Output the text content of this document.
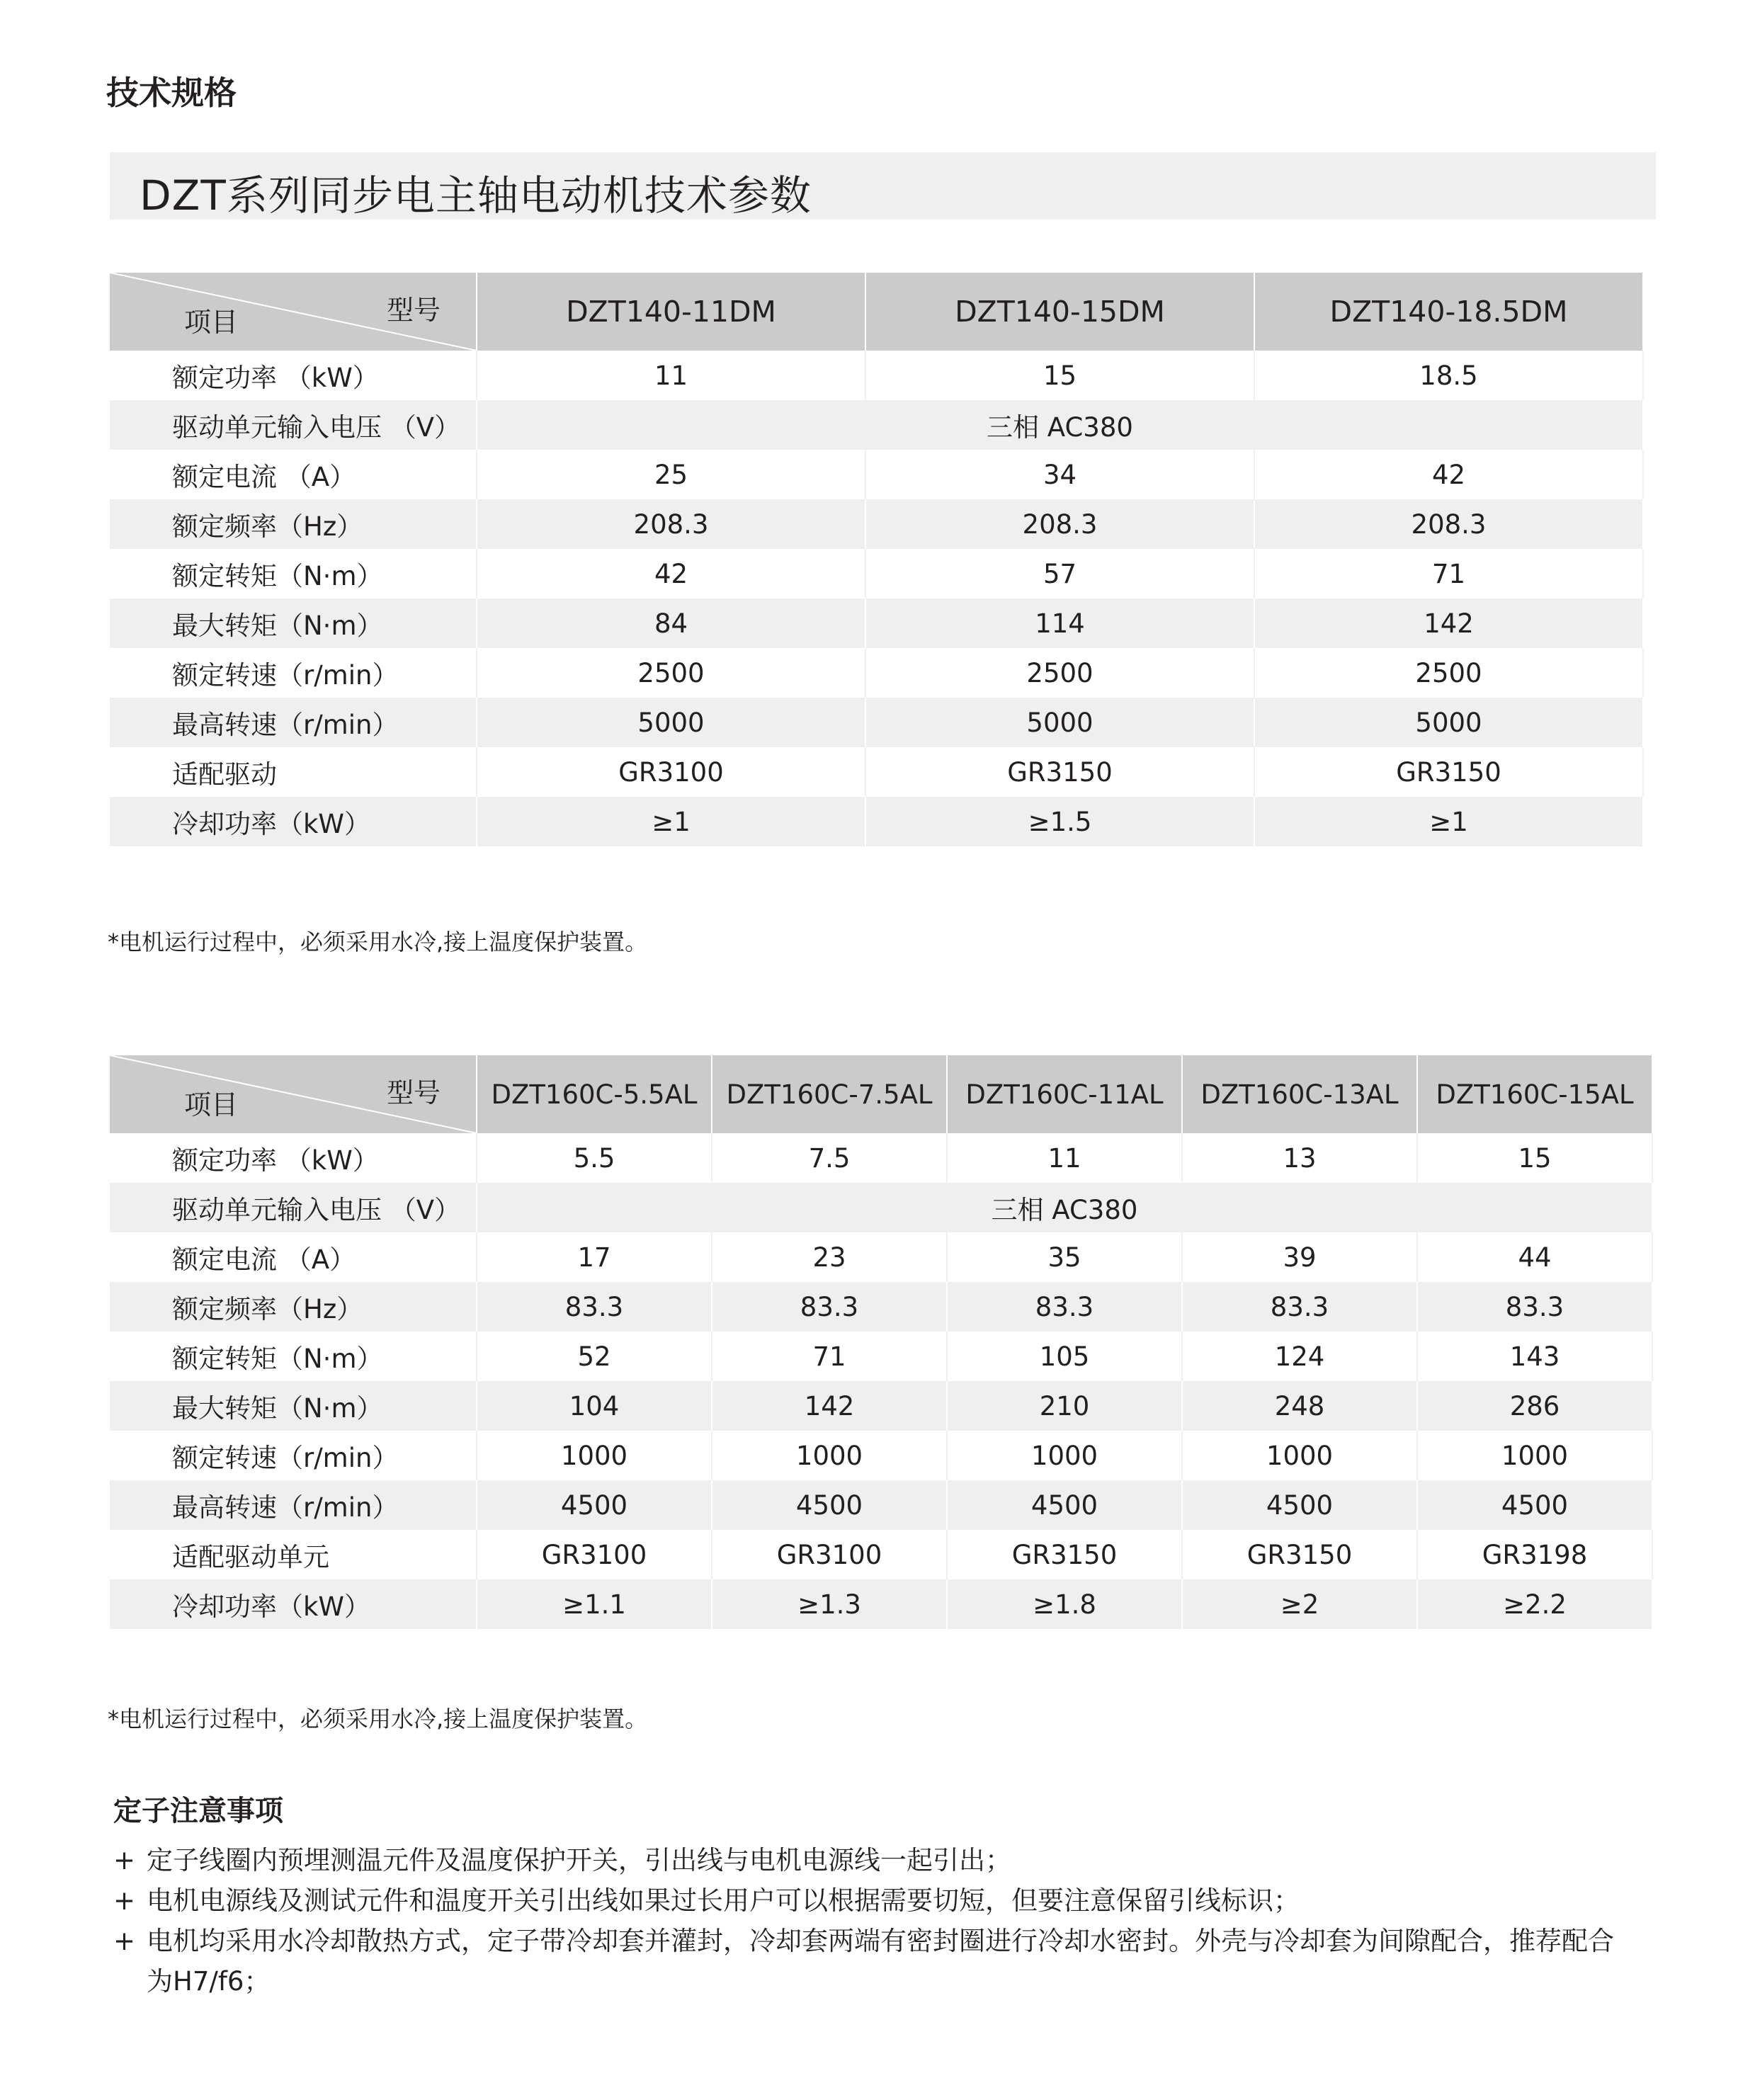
技术规格
DZT系列同步电主轴电动机技术参数
型号
项目	DZT140-11DM	DZT140-15DM	DZT140-18.5DM
额定功率 （kW）	11	15	18.5
驱动单元输入电压 （V）	三相 AC380		
额定电流 （A）	25	34	42
额定频率（Hz）	208.3	208.3	208.3
额定转矩（N·m）	42	57	71
最大转矩（N·m）	84	114	142
额定转速（r/min）	2500	2500	2500
最高转速（r/min）	5000	5000	5000
适配驱动	GR3100	GR3150	GR3150
冷却功率（kW）	≥1	≥1.5	≥1
*电机运行过程中，必须采用水冷,接上温度保护装置。
型号
项目	DZT160C-5.5AL	DZT160C-7.5AL	DZT160C-11AL	DZT160C-13AL	DZT160C-15AL
额定功率 （kW）	5.5	7.5	11	13	15
驱动单元输入电压 （V）	三相 AC380				
额定电流 （A）	17	23	35	39	44
额定频率（Hz）	83.3	83.3	83.3	83.3	83.3
额定转矩（N·m）	52	71	105	124	143
最大转矩（N·m）	104	142	210	248	286
额定转速（r/min）	1000	1000	1000	1000	1000
最高转速（r/min）	4500	4500	4500	4500	4500
适配驱动单元	GR3100	GR3100	GR3150	GR3150	GR3198
冷却功率（kW）	≥1.1	≥1.3	≥1.8	≥2	≥2.2
*电机运行过程中，必须采用水冷,接上温度保护装置。
定子注意事项
+ 定子线圈内预埋测温元件及温度保护开关，引出线与电机电源线一起引出；
+ 电机电源线及测试元件和温度开关引出线如果过长用户可以根据需要切短，但要注意保留引线标识；
+ 电机均采用水冷却散热方式，定子带冷却套并灌封，冷却套两端有密封圈进行冷却水密封。外壳与冷却套为间隙配合，推荐配合为H7/f6；
